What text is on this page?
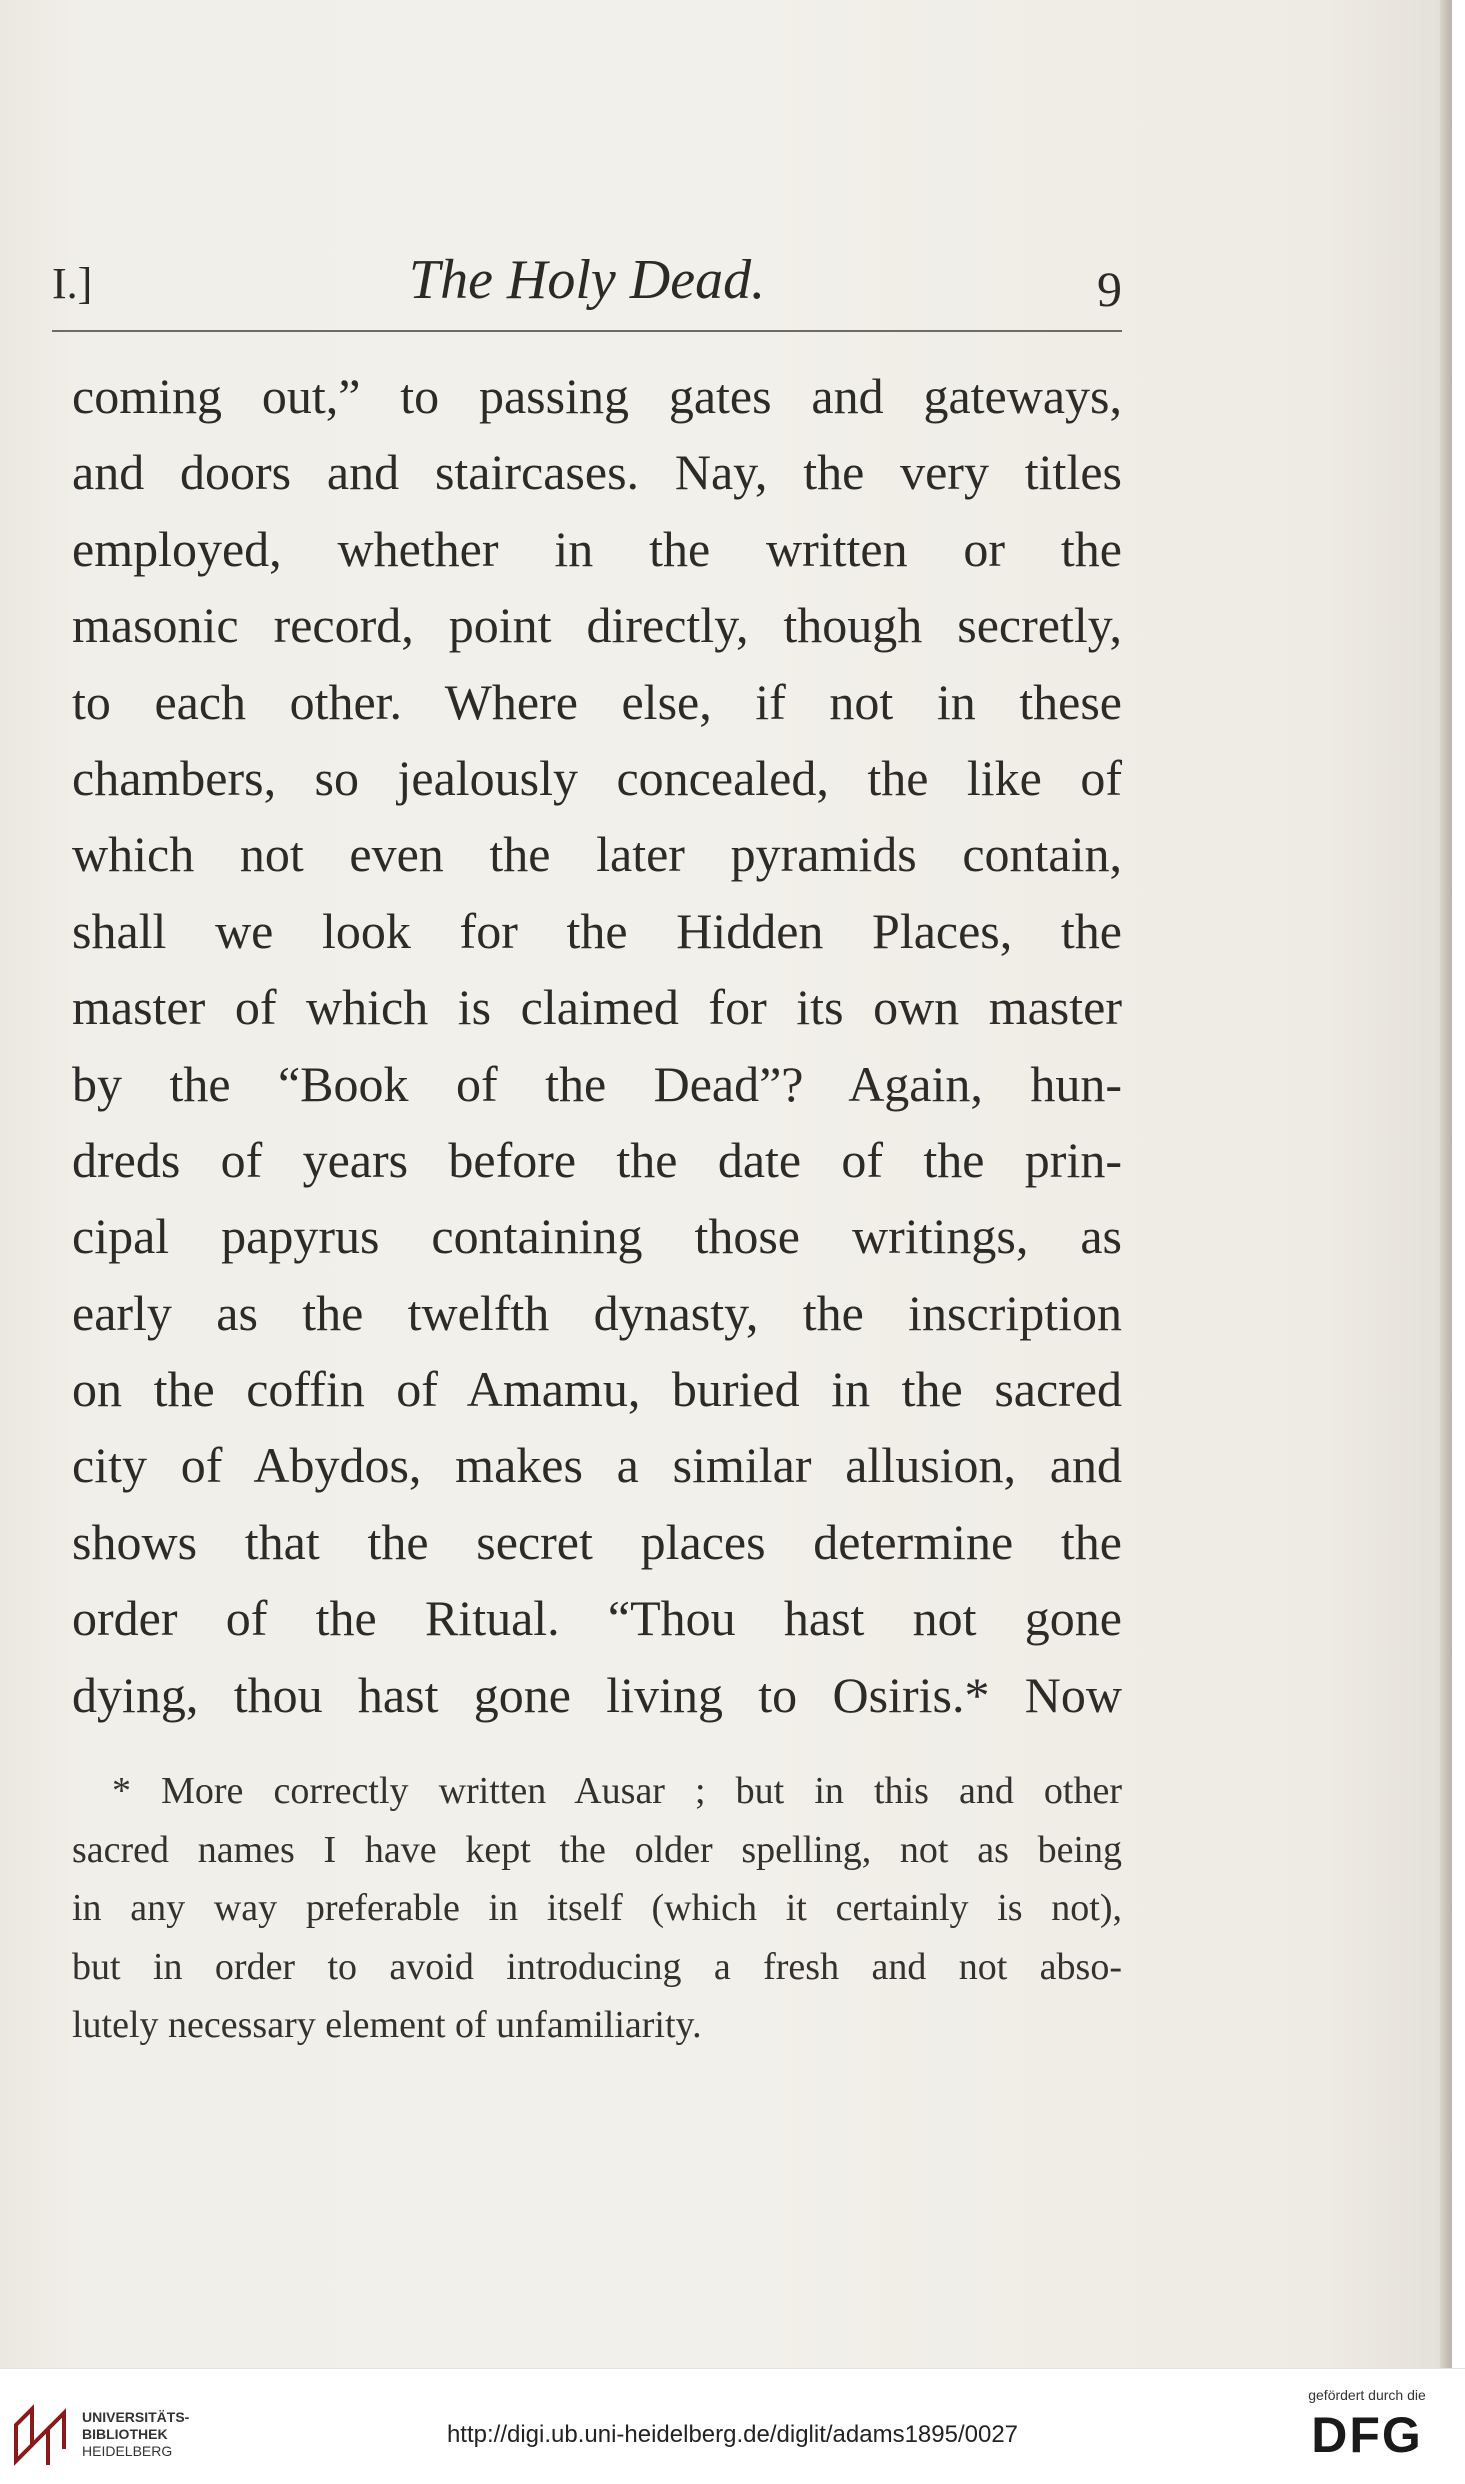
I.]	The Holy Dead.	9
coming out,” to passing gates and gateways,
and doors and staircases. Nay, the very titles
employed, whether in the written or the
masonic record, point directly, though secretly,
to each other. Where else, if not in these
chambers, so jealously concealed, the like of
which not even the later pyramids contain,
shall we look for the Hidden Places, the
master of which is claimed for its own master
by the “Book of the Dead”? Again, hun-
dreds of years before the date of the prin-
cipal papyrus containing those writings, as
early as the twelfth dynasty, the inscription
on the coffin of Amamu, buried in the sacred
city of Abydos, makes a similar allusion, and
shows that the secret places determine the
order of the Ritual. “Thou hast not gone
dying, thou hast gone living to Osiris.* Now
* More correctly written Ausar ; but in this and other
sacred names I have kept the older spelling, not as being
in any way preferable in itself (which it certainly is not),
but in order to avoid introducing a fresh and not abso-
lutely necessary element of unfamiliarity.
UNIVERSITÄTS-
BIBLIOTHEK
HEIDELBERG
http://digi.ub.uni-heidelberg.de/diglit/adams1895/0027
gefördert durch die
DFG
